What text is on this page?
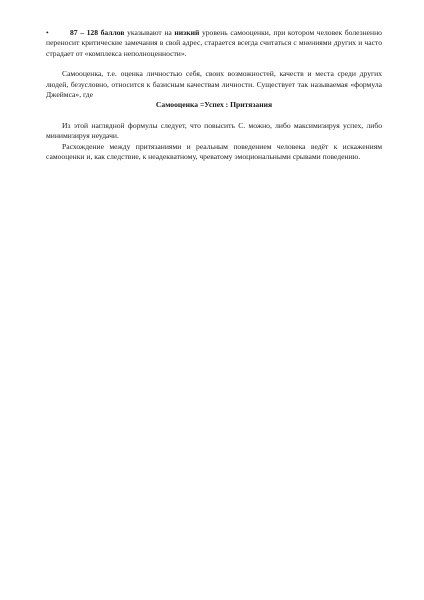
•	87 – 128 баллов указывают на низкий уровень самооценки, при котором человек болезненно переносит критические замечания в свой адрес, старается всегда считаться с мнениями других и часто страдает от «комплекса неполноценности».

Самооценка, т.е. оценка личностью себя, своих возможностей, качеств и места среди других людей, безусловно, относится к базисным качествам личности. Существует так называемая «формула Джеймса», где

Самооценка =Успех : Притязания

Из этой наглядной формулы следует, что повысить С. можно, либо максимизируя успех, либо минимизируя неудачи.

Расхождение между притязаниями и реальным поведением человека ведёт к искажениям самооценки и, как следствие, к неадекватному, чреватому эмоциональными срывами поведению.
